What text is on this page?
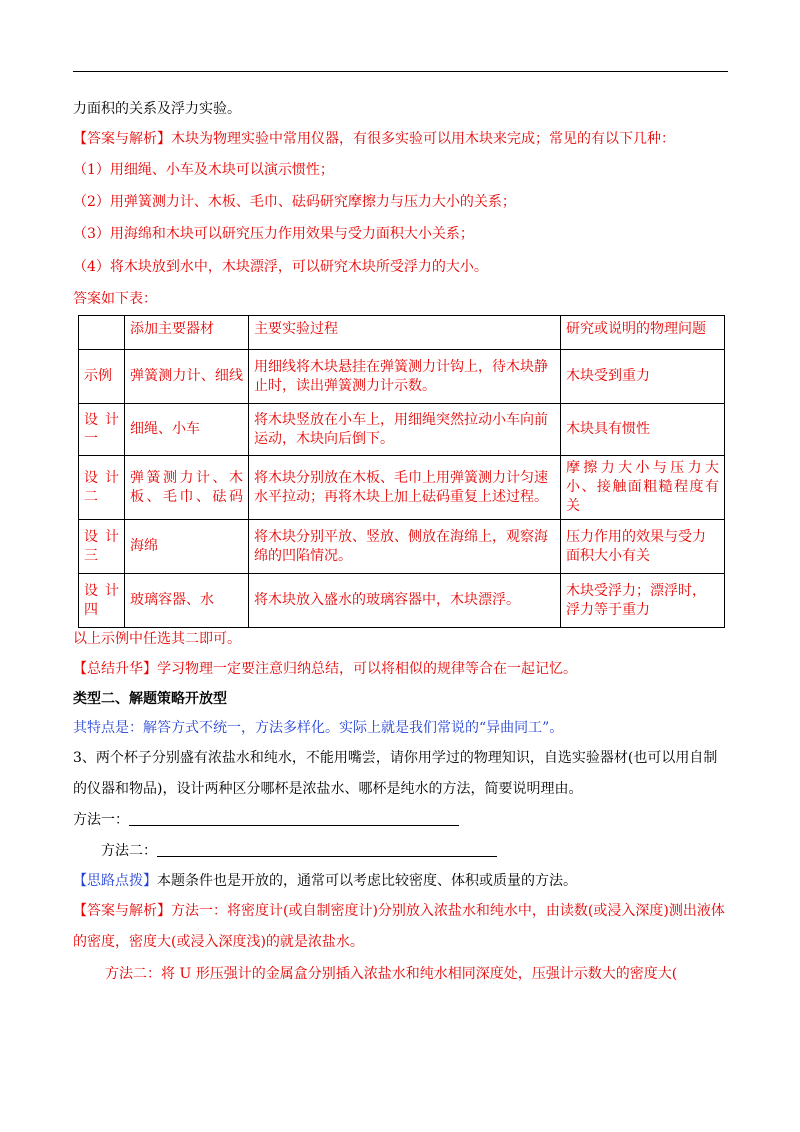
力面积的关系及浮力实验。
【答案与解析】木块为物理实验中常用仪器，有很多实验可以用木块来完成；常见的有以下几种：
（1）用细绳、小车及木块可以演示惯性；
（2）用弹簧测力计、木板、毛巾、砝码研究摩擦力与压力大小的关系；
（3）用海绵和木块可以研究压力作用效果与受力面积大小关系；
（4）将木块放到水中，木块漂浮，可以研究木块所受浮力的大小。
答案如下表：
	添加主要器材	主要实验过程	研究或说明的物理问题
示例	弹簧测力计、细线	用细线将木块悬挂在弹簧测力计钩上，待木块静止时，读出弹簧测力计示数。	木块受到重力
设计一	细绳、小车	将木块竖放在小车上，用细绳突然拉动小车向前运动，木块向后倒下。	木块具有惯性
设计二	弹簧测力计、木板、毛巾、砝码	将木块分别放在木板、毛巾上用弹簧测力计匀速水平拉动；再将木块上加上砝码重复上述过程。	摩擦力大小与压力大小、接触面粗糙程度有关
设计三	海绵	将木块分别平放、竖放、侧放在海绵上，观察海绵的凹陷情况。	压力作用的效果与受力面积大小有关
设计四	玻璃容器、水	将木块放入盛水的玻璃容器中，木块漂浮。	木块受浮力；漂浮时，浮力等于重力
以上示例中任选其二即可。
【总结升华】学习物理一定要注意归纳总结，可以将相似的规律等合在一起记忆。
类型二、解题策略开放型
其特点是：解答方式不统一，方法多样化。实际上就是我们常说的“异曲同工”。
3、两个杯子分别盛有浓盐水和纯水，不能用嘴尝，请你用学过的物理知识，自选实验器材(也可以用自制
的仪器和物品)，设计两种区分哪杯是浓盐水、哪杯是纯水的方法，简要说明理由。
方法一：
方法二：
【思路点拨】本题条件也是开放的，通常可以考虑比较密度、体积或质量的方法。
【答案与解析】方法一：将密度计(或自制密度计)分别放入浓盐水和纯水中，由读数(或浸入深度)测出液体
的密度，密度大(或浸入深度浅)的就是浓盐水。
方法二：将 U 形压强计的金属盒分别插入浓盐水和纯水相同深度处，压强计示数大的密度大(
